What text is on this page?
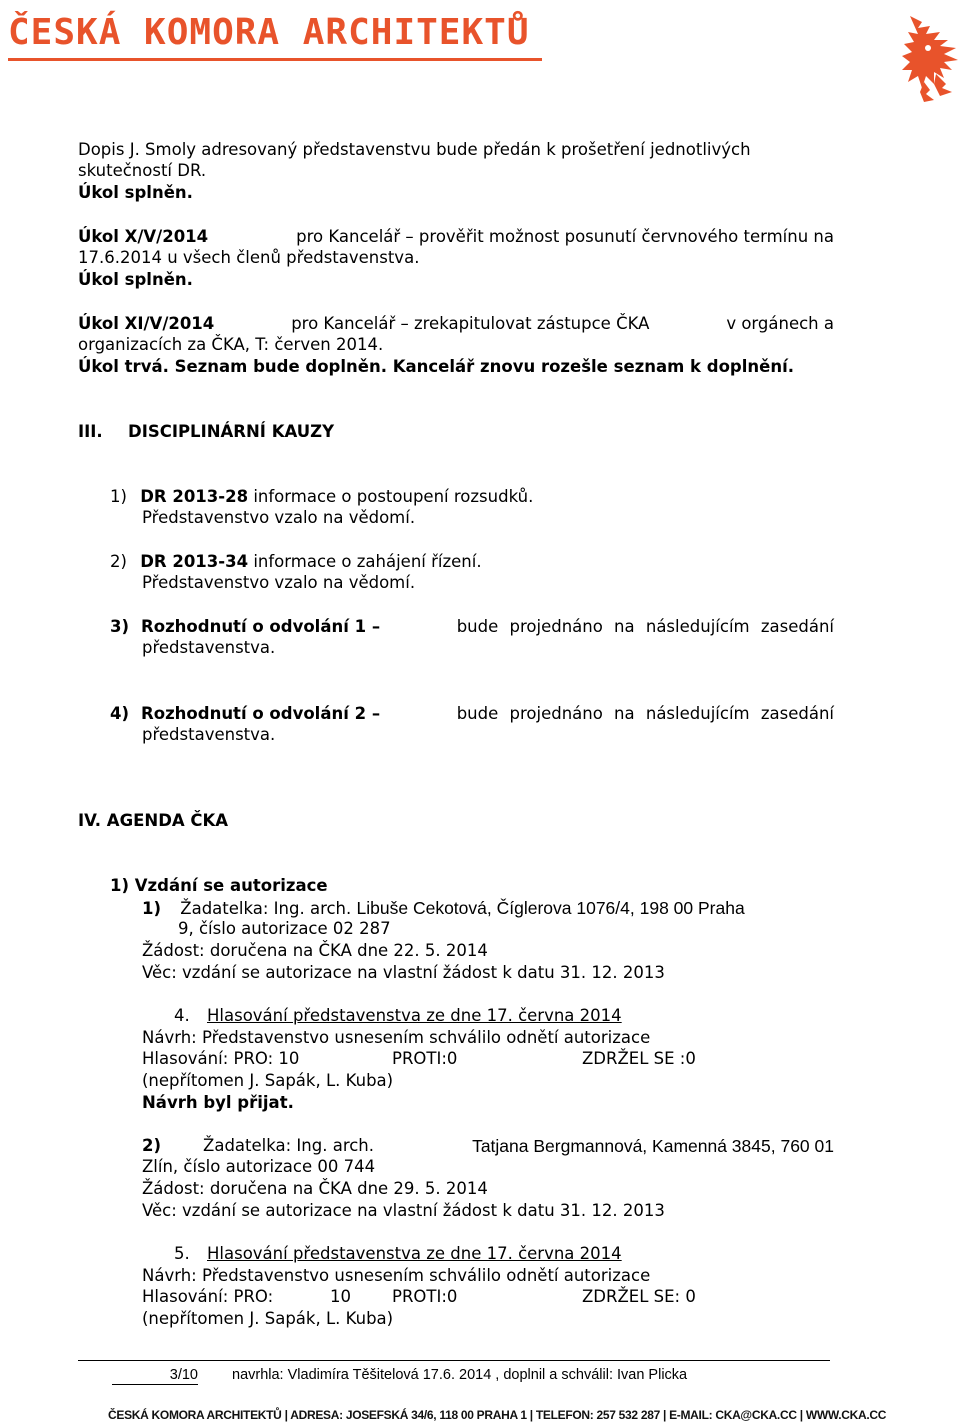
ČESKÁ KOMORA ARCHITEKTŮ
Dopis J. Smoly adresovaný představenstvu bude předán k prošetření jednotlivých
skutečností DR.
Úkol splněn.
Úkol X/V/2014	pro Kancelář – prověřit možnost posunutí červnového termínu na
17.6.2014 u všech členů představenstva.
Úkol splněn.
Úkol XI/V/2014	pro Kancelář – zrekapitulovat zástupce ČKA	v orgánech a
organizacích za ČKA, T: červen 2014.
Úkol trvá. Seznam bude doplněn. Kancelář znovu rozešle seznam k doplnění.
III. DISCIPLINÁRNÍ KAUZY
1) DR 2013-28 informace o postoupení rozsudků.
Představenstvo vzalo na vědomí.
2) DR 2013-34 informace o zahájení řízení.
Představenstvo vzalo na vědomí.
3) Rozhodnutí o odvolání 1 –	bude projednáno na následujícím zasedání
představenstva.
4) Rozhodnutí o odvolání 2 –	bude projednáno na následujícím zasedání
představenstva.
IV. AGENDA ČKA
1) Vzdání se autorizace
1) Žadatelka: Ing. arch. Libuše Cekotová, Číglerova 1076/4, 198 00 Praha
9, číslo autorizace 02 287
Žádost: doručena na ČKA dne 22. 5. 2014
Věc: vzdání se autorizace na vlastní žádost k datu 31. 12. 2013
4. Hlasování představenstva ze dne 17. června 2014
Návrh: Představenstvo usnesením schválilo odnětí autorizace
Hlasování: PRO: 10	PROTI:0	ZDRŽEL SE :0
(nepřítomen J. Sapák, L. Kuba)
Návrh byl přijat.
2)	Žadatelka: Ing. arch.	Tatjana Bergmannová, Kamenná 3845, 760 01
Zlín, číslo autorizace 00 744
Žádost: doručena na ČKA dne 29. 5. 2014
Věc: vzdání se autorizace na vlastní žádost k datu 31. 12. 2013
5. Hlasování představenstva ze dne 17. června 2014
Návrh: Představenstvo usnesením schválilo odnětí autorizace
Hlasování: PRO:	10 PROTI:0	ZDRŽEL SE: 0
(nepřítomen J. Sapák, L. Kuba)
3/10 navrhla: Vladimíra Těšitelová 17.6. 2014 , doplnil a schválil: Ivan Plicka
ČESKÁ KOMORA ARCHITEKTŮ | ADRESA: JOSEFSKÁ 34/6, 118 00 PRAHA 1 | TELEFON: 257 532 287 | E-MAIL: CKA@CKA.CC | WWW.CKA.CC
